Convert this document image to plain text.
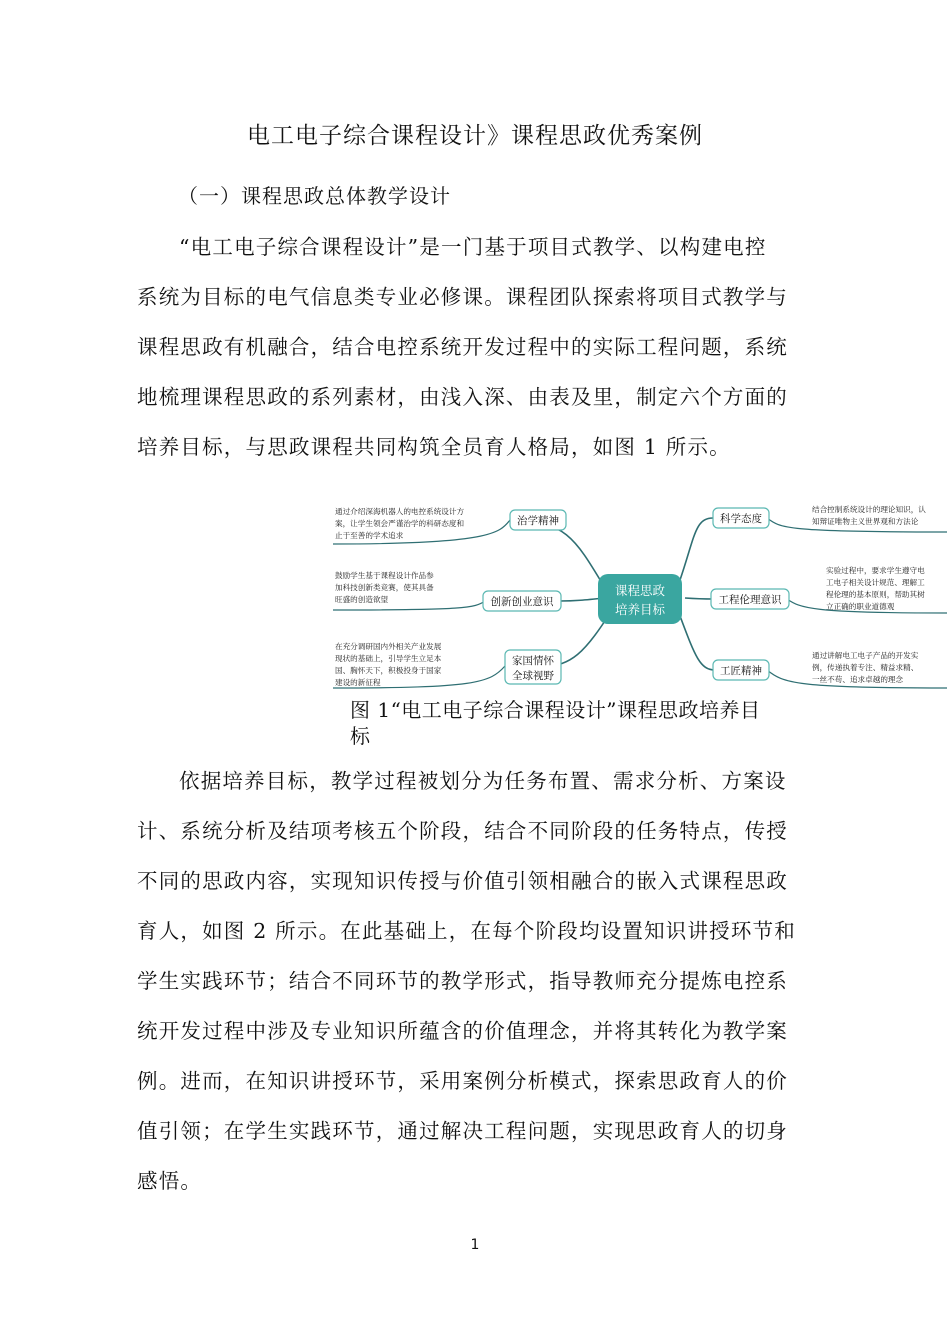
电工电子综合课程设计》课程思政优秀案例
（一）课程思政总体教学设计
“电工电子综合课程设计”是一门基于项目式教学、以构建电控
系统为目标的电气信息类专业必修课。课程团队探索将项目式教学与
课程思政有机融合，结合电控系统开发过程中的实际工程问题，系统
地梳理课程思政的系列素材，由浅入深、由表及里，制定六个方面的
培养目标，与思政课程共同构筑全员育人格局，如图 1 所示。
课程思政
培养目标
治学精神
创新创业意识
家国情怀
全球视野
科学态度
工程伦理意识
工匠精神
通过介绍深海机器人的电控系统设计方
案，让学生领会严谨治学的科研态度和
止于至善的学术追求
鼓励学生基于课程设计作品参
加科技创新类竞赛，使其具备
旺盛的创造欲望
在充分调研国内外相关产业发展
现状的基础上，引导学生立足本
国、胸怀天下，积极投身于国家
建设的新征程
结合控制系统设计的理论知识，认
知辩证唯物主义世界观和方法论
实验过程中，要求学生遵守电
工电子相关设计规范、理解工
程伦理的基本原则，帮助其树
立正确的职业道德观
通过讲解电工电子产品的开发实
例，传递执着专注、精益求精、
一丝不苟、追求卓越的理念
图 1“电工电子综合课程设计”课程思政培养目
标
依据培养目标，教学过程被划分为任务布置、需求分析、方案设
计、系统分析及结项考核五个阶段，结合不同阶段的任务特点，传授
不同的思政内容，实现知识传授与价值引领相融合的嵌入式课程思政
育人，如图 2 所示。在此基础上，在每个阶段均设置知识讲授环节和
学生实践环节；结合不同环节的教学形式，指导教师充分提炼电控系
统开发过程中涉及专业知识所蕴含的价值理念，并将其转化为教学案
例。进而，在知识讲授环节，采用案例分析模式，探索思政育人的价
值引领；在学生实践环节，通过解决工程问题，实现思政育人的切身
感悟。
1
